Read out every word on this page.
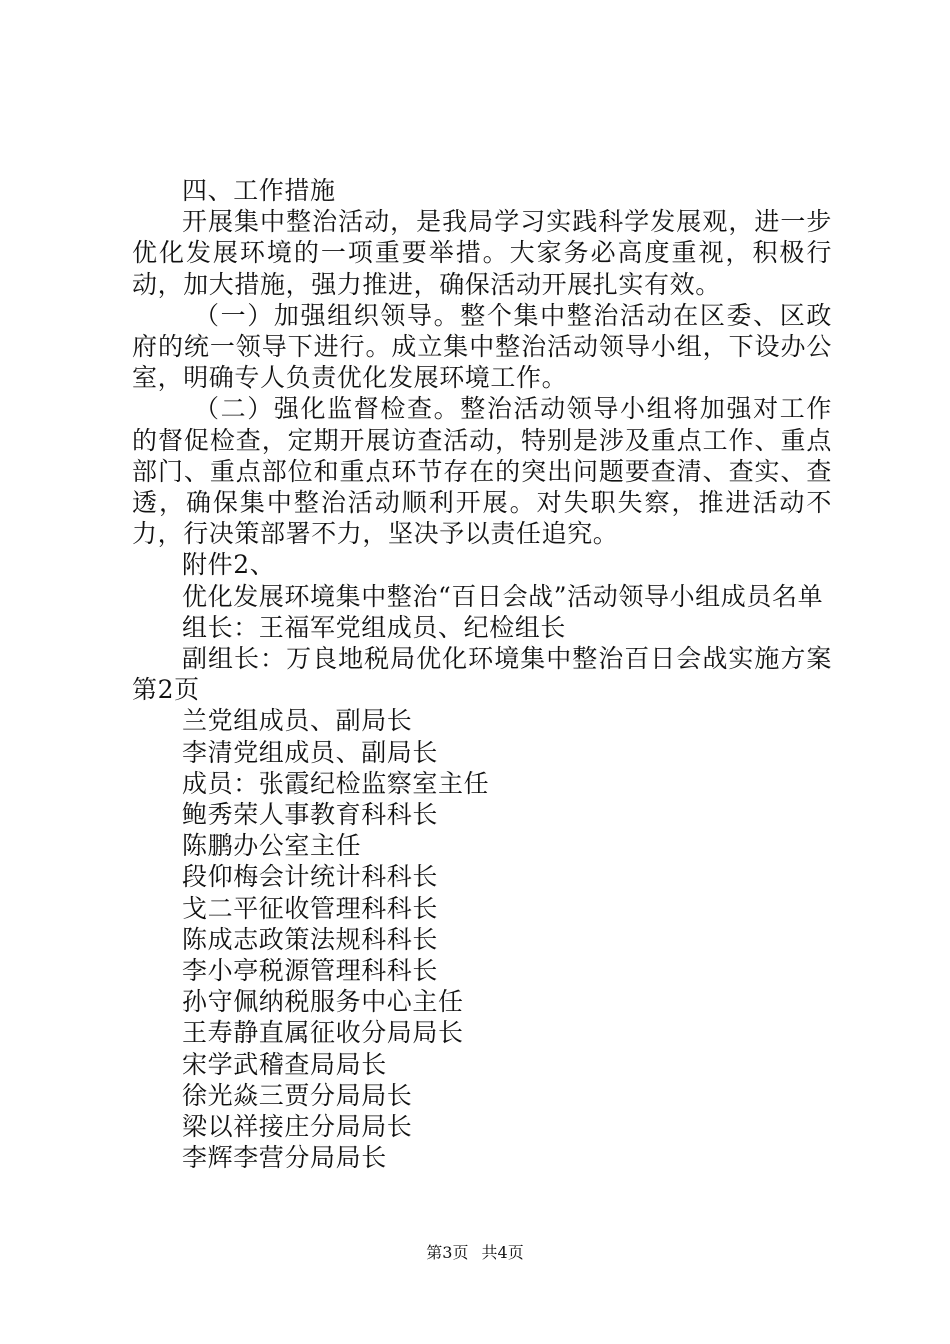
四、工作措施

开展集中整治活动，是我局学习实践科学发展观，进一步优化发展环境的一项重要举措。大家务必高度重视，积极行动，加大措施，强力推进，确保活动开展扎实有效。

（一）加强组织领导。整个集中整治活动在区委、区政府的统一领导下进行。成立集中整治活动领导小组，下设办公室，明确专人负责优化发展环境工作。

（二）强化监督检查。整治活动领导小组将加强对工作的督促检查，定期开展访查活动，特别是涉及重点工作、重点部门、重点部位和重点环节存在的突出问题要查清、查实、查透，确保集中整治活动顺利开展。对失职失察，推进活动不力，行决策部署不力，坚决予以责任追究。

附件2、

优化发展环境集中整治“百日会战”活动领导小组成员名单

组长：王福军党组成员、纪检组长

副组长：万良地税局优化环境集中整治百日会战实施方案第2页

兰党组成员、副局长

李清党组成员、副局长

成员：张霞纪检监察室主任

鲍秀荣人事教育科科长

陈鹏办公室主任

段仰梅会计统计科科长

戈二平征收管理科科长

陈成志政策法规科科长

李小亭税源管理科科长

孙守佩纳税服务中心主任

王寿静直属征收分局局长

宋学武稽查局局长

徐光焱三贾分局局长

梁以祥接庄分局局长

李辉李营分局局长

第3页 共4页
